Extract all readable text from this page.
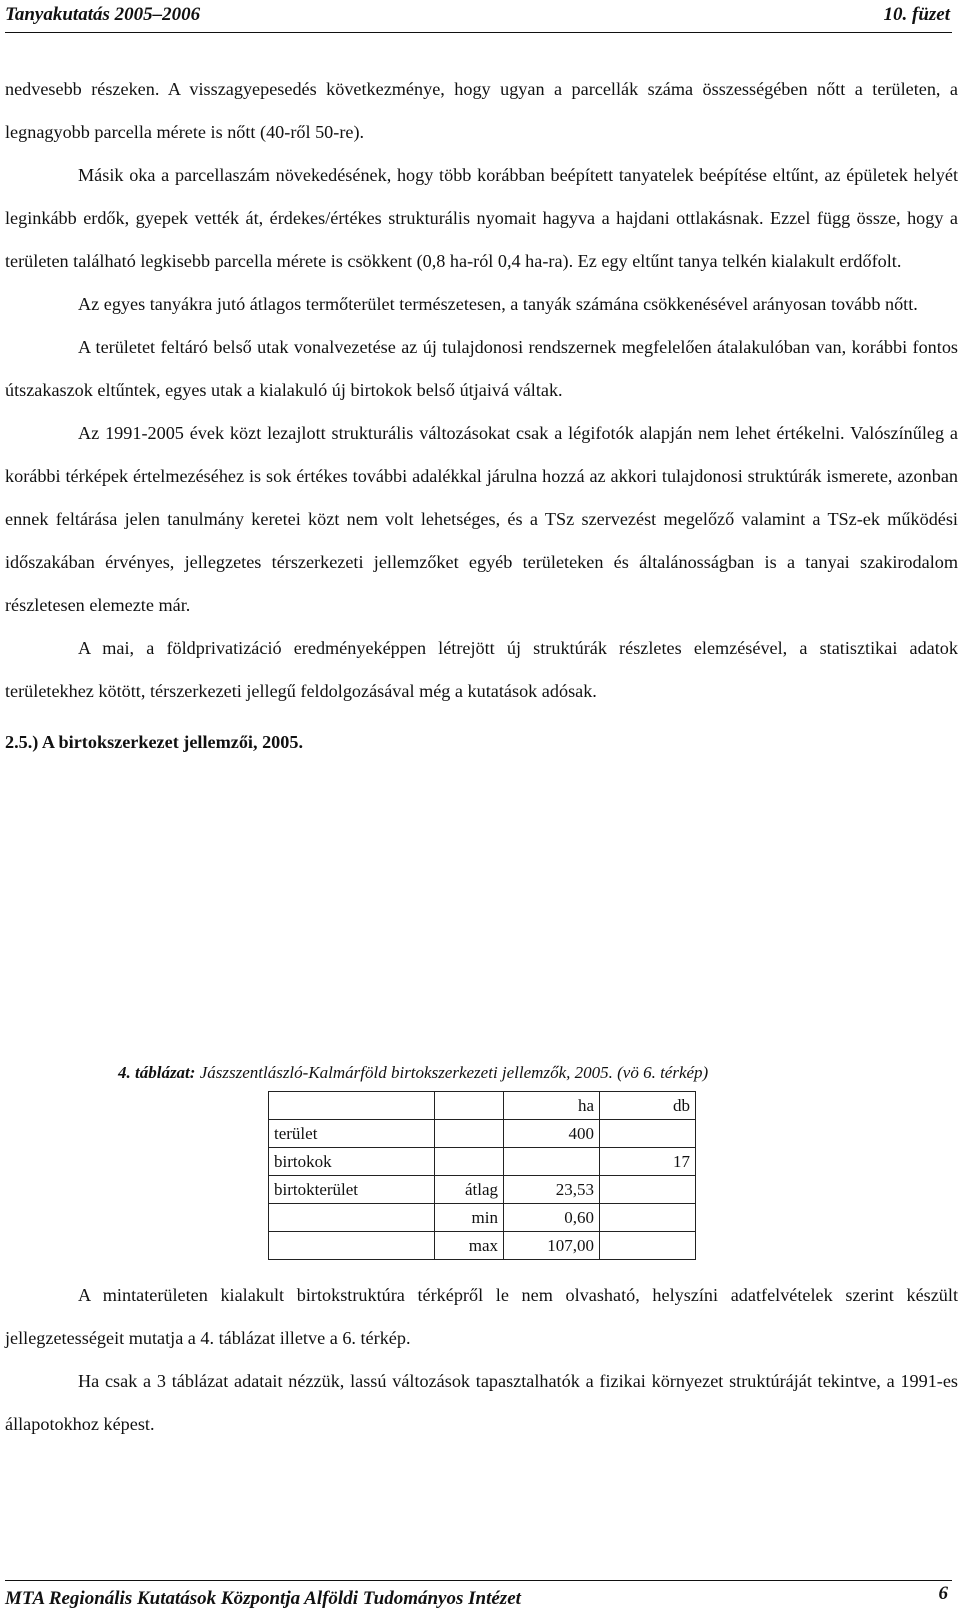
Tanyakutatás 2005–2006	10. füzet

nedvesebb részeken. A visszagyepesedés következménye, hogy ugyan a parcellák száma összességében nőtt a területen, a legnagyobb parcella mérete is nőtt (40-ről 50-re).

Másik oka a parcellaszám növekedésének, hogy több korábban beépített tanyatelek beépítése eltűnt, az épületek helyét leginkább erdők, gyepek vették át, érdekes/értékes strukturális nyomait hagyva a hajdani ottlakásnak. Ezzel függ össze, hogy a területen található legkisebb parcella mérete is csökkent (0,8 ha-ról 0,4 ha-ra). Ez egy eltűnt tanya telkén kialakult erdőfolt.

Az egyes tanyákra jutó átlagos termőterület természetesen, a tanyák számána csökkenésével arányosan tovább nőtt.

A területet feltáró belső utak vonalvezetése az új tulajdonosi rendszernek megfelelően átalakulóban van, korábbi fontos útszakaszok eltűntek, egyes utak a kialakuló új birtokok belső útjaivá váltak.

Az 1991-2005 évek közt lezajlott strukturális változásokat csak a légifotók alapján nem lehet értékelni. Valószínűleg a korábbi térképek értelmezéséhez is sok értékes további adalékkal járulna hozzá az akkori tulajdonosi struktúrák ismerete, azonban ennek feltárása jelen tanulmány keretei közt nem volt lehetséges, és a TSz szervezést megelőző valamint a TSz-ek működési időszakában érvényes, jellegzetes térszerkezeti jellemzőket egyéb területeken és általánosságban is a tanyai szakirodalom részletesen elemezte már.

A mai, a földprivatizáció eredményeképpen létrejött új struktúrák részletes elemzésével, a statisztikai adatok területekhez kötött, térszerkezeti jellegű feldolgozásával még a kutatások adósak.

2.5.) A birtokszerkezet jellemzői, 2005.
4. táblázat: Jászszentlászló-Kalmárföld birtokszerkezeti jellemzők, 2005. (vö 6. térkép)
		ha	db
terület		400	
birtokok			17
birtokterület	átlag	23,53	
	min	0,60	
	max	107,00	

A mintaterületen kialakult birtokstruktúra térképről le nem olvasható, helyszíni adatfelvételek szerint készült jellegzetességeit mutatja a 4. táblázat illetve a 6. térkép.

Ha csak a 3 táblázat adatait nézzük, lassú változások tapasztalhatók a fizikai környezet struktúráját tekintve, a 1991-es állapotokhoz képest.

MTA Regionális Kutatások Központja Alföldi Tudományos Intézet	6
